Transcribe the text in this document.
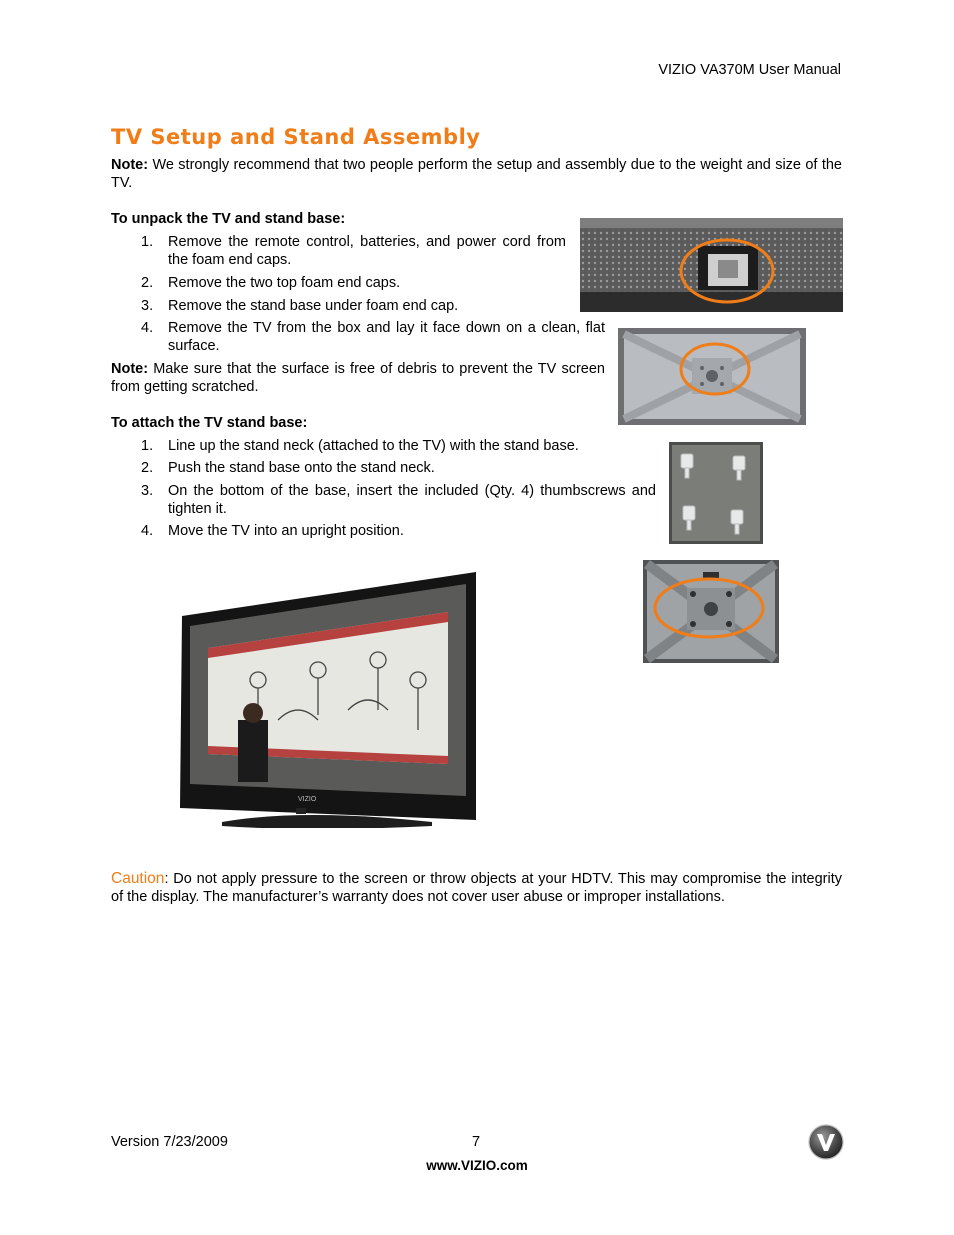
VIZIO VA370M User Manual
TV Setup and Stand Assembly
Note: We strongly recommend that two people perform the setup and assembly due to the weight and size of the TV.
To unpack the TV and stand base:
1.	Remove the remote control, batteries, and power cord from the foam end caps.
2.	Remove the two top foam end caps.
3.	Remove the stand base under foam end cap.
4.	Remove the TV from the box and lay it face down on a clean, flat surface.
Note: Make sure that the surface is free of debris to prevent the TV screen from getting scratched.
To attach the TV stand base:
1.	Line up the stand neck (attached to the TV) with the stand base.
2.	Push the stand base onto the stand neck.
3.	On the bottom of the base, insert the included (Qty. 4) thumbscrews and tighten it.
4.	Move the TV into an upright position.
VIZIO
Caution: Do not apply pressure to the screen or throw objects at your HDTV. This may compromise the integrity of the display. The manufacturer’s warranty does not cover user abuse or improper installations.
Version 7/23/2009	7
www.VIZIO.com
